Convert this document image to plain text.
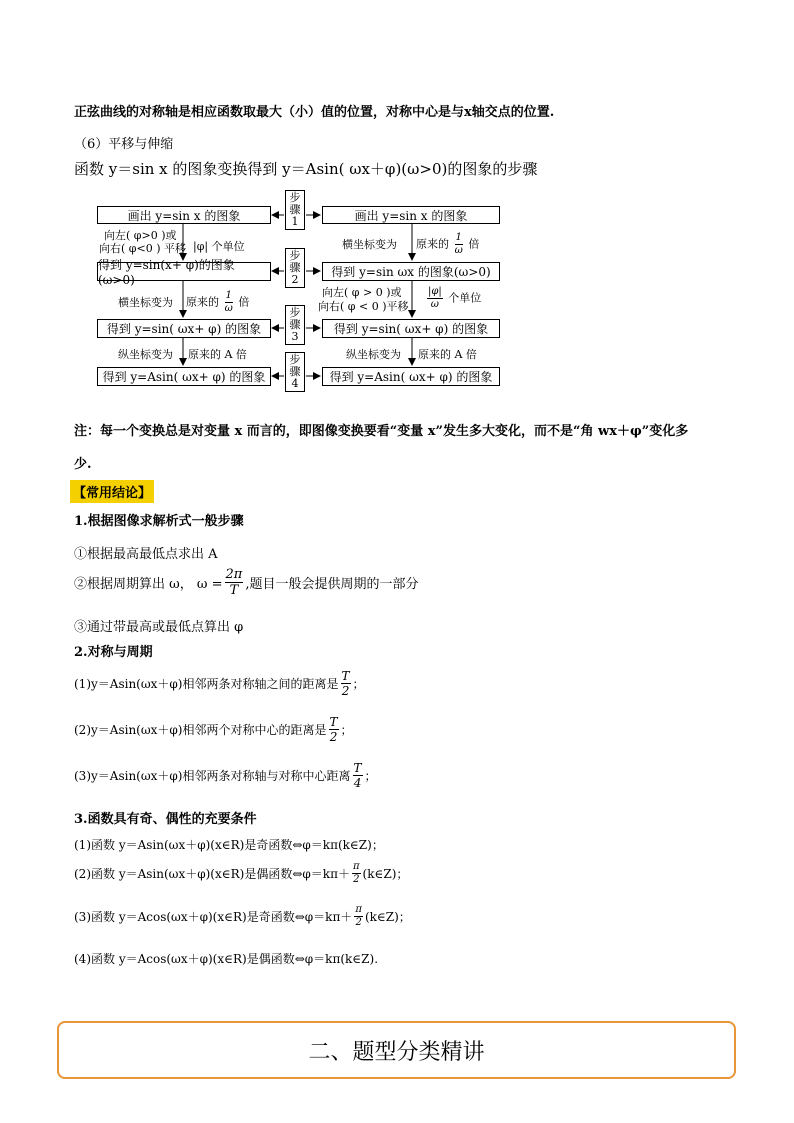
正弦曲线的对称轴是相应函数取最大（小）值的位置，对称中心是与x轴交点的位置.
（6）平移与伸缩
函数 y＝sin x 的图象变换得到 y＝Asin( ωx＋φ)(ω>0)的图象的步骤
画出 y=sin x 的图象
得到 y=sin(x+ φ)的图象(ω>0)
得到 y=sin( ωx+ φ) 的图象
得到 y=Asin( ωx+ φ) 的图象
画出 y=sin x 的图象
得到 y=sin ωx 的图象(ω>0)
得到 y=sin( ωx+ φ) 的图象
得到 y=Asin( ωx+ φ) 的图象
步
骤
1
步
骤
2
步
骤
3
步
骤
4
向左( φ>0 )或
向右( φ<0 ) 平移 |φ| 个单位
横坐标变为 原来的 $\frac{1}{\omega}$ 倍
纵坐标变为 原来的 A 倍
横坐标变为 原来的 $\frac{1}{\omega}$ 倍
向左( φ > 0 )或
向右( φ < 0 )平移 $\frac{|\varphi|}{\omega}$ 个单位
纵坐标变为 原来的 A 倍
注：每一个变换总是对变量 x 而言的，即图像变换要看“变量 x”发生多大变化，而不是“角 wx＋φ”变化多
少.
【常用结论】
1.根据图像求解析式一般步骤
①根据最高最低点求出 A
②根据周期算出 ω， $\omega = \frac{2\pi}{T}$ ,题目一般会提供周期的一部分
③通过带最高或最低点算出 φ
2.对称与周期
(1)y＝Asin(ωx＋φ)相邻两条对称轴之间的距离是 $\frac{T}{2}$ ；
(2)y＝Asin(ωx＋φ)相邻两个对称中心的距离是 $\frac{T}{2}$ ；
(3)y＝Asin(ωx＋φ)相邻两条对称轴与对称中心距离 $\frac{T}{4}$ ；
3.函数具有奇、偶性的充要条件
(1)函数 y＝Asin(ωx＋φ)(x∈R)是奇函数⇔φ＝kπ(k∈Z)；
(2)函数 y＝Asin(ωx＋φ)(x∈R)是偶函数⇔φ＝kπ＋ $\frac{\pi}{2}$ (k∈Z)；
(3)函数 y＝Acos(ωx＋φ)(x∈R)是奇函数⇔φ＝kπ＋ $\frac{\pi}{2}$ (k∈Z)；
(4)函数 y＝Acos(ωx＋φ)(x∈R)是偶函数⇔φ＝kπ(k∈Z).
二、题型分类精讲
